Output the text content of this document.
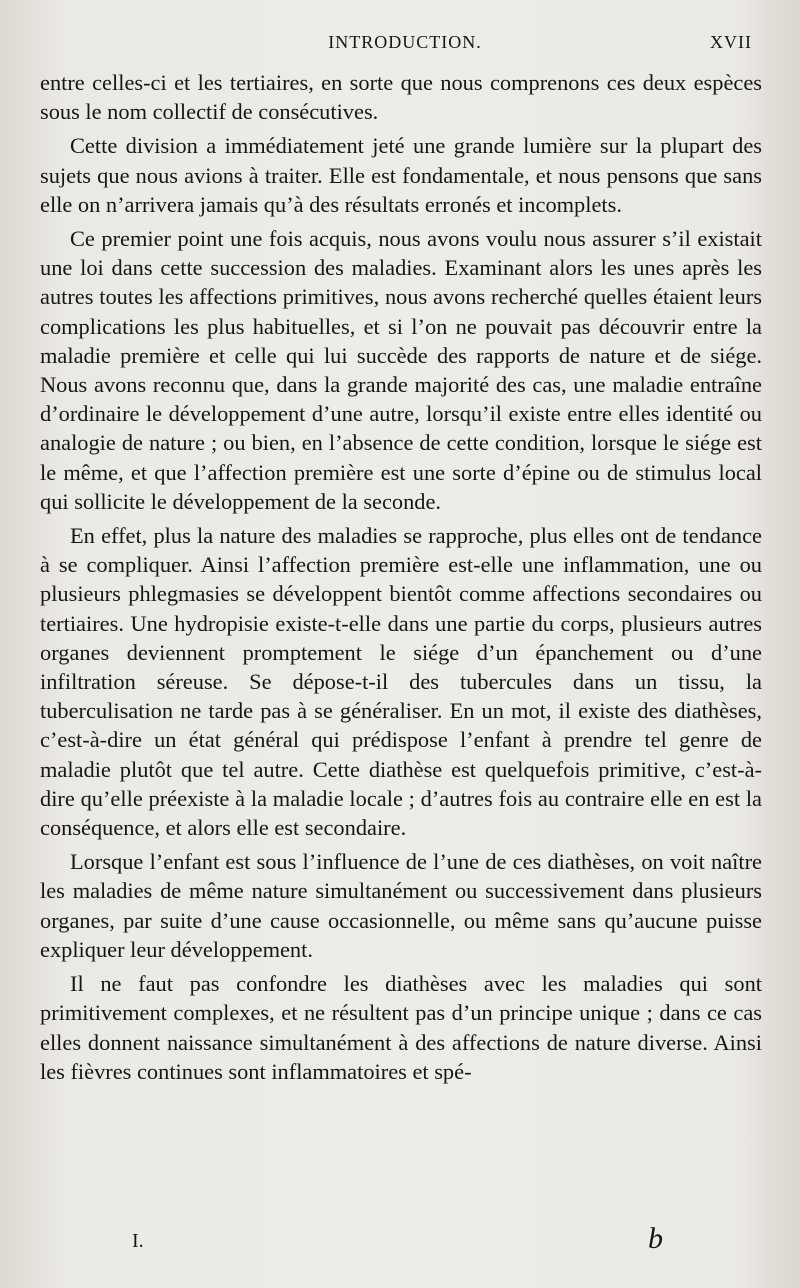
INTRODUCTION.	XVII

entre celles-ci et les tertiaires, en sorte que nous comprenons ces deux espèces sous le nom collectif de consécutives.

Cette division a immédiatement jeté une grande lumière sur la plupart des sujets que nous avions à traiter. Elle est fondamentale, et nous pensons que sans elle on n’arrivera jamais qu’à des résultats erronés et incomplets.

Ce premier point une fois acquis, nous avons voulu nous assurer s’il existait une loi dans cette succession des maladies. Examinant alors les unes après les autres toutes les affections primitives, nous avons recherché quelles étaient leurs complications les plus habituelles, et si l’on ne pouvait pas découvrir entre la maladie première et celle qui lui succède des rapports de nature et de siége. Nous avons reconnu que, dans la grande majorité des cas, une maladie entraîne d’ordinaire le développement d’une autre, lorsqu’il existe entre elles identité ou analogie de nature ; ou bien, en l’absence de cette condition, lorsque le siége est le même, et que l’affection première est une sorte d’épine ou de stimulus local qui sollicite le développement de la seconde.

En effet, plus la nature des maladies se rapproche, plus elles ont de tendance à se compliquer. Ainsi l’affection première est-elle une inflammation, une ou plusieurs phlegmasies se développent bientôt comme affections secondaires ou tertiaires. Une hydropisie existe-t-elle dans une partie du corps, plusieurs autres organes deviennent promptement le siége d’un épanchement ou d’une infiltration séreuse. Se dépose-t-il des tubercules dans un tissu, la tuberculisation ne tarde pas à se généraliser. En un mot, il existe des diathèses, c’est-à-dire un état général qui prédispose l’enfant à prendre tel genre de maladie plutôt que tel autre. Cette diathèse est quelquefois primitive, c’est-à-dire qu’elle préexiste à la maladie locale ; d’autres fois au contraire elle en est la conséquence, et alors elle est secondaire.

Lorsque l’enfant est sous l’influence de l’une de ces diathèses, on voit naître les maladies de même nature simultanément ou successivement dans plusieurs organes, par suite d’une cause occasionnelle, ou même sans qu’aucune puisse expliquer leur développement.

Il ne faut pas confondre les diathèses avec les maladies qui sont primitivement complexes, et ne résultent pas d’un principe unique ; dans ce cas elles donnent naissance simultanément à des affections de nature diverse. Ainsi les fièvres continues sont inflammatoires et spé-

I.	b
